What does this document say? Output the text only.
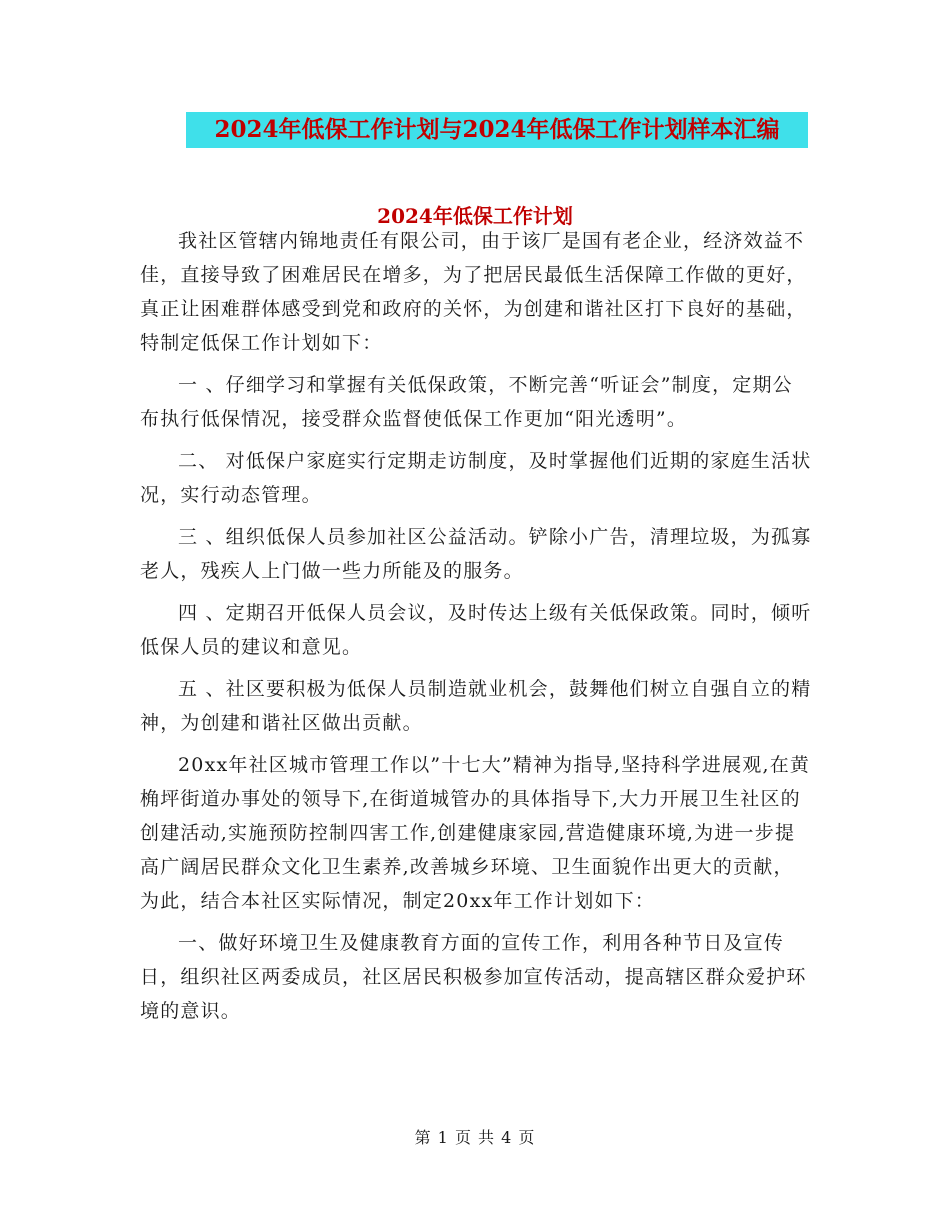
2024年低保工作计划与2024年低保工作计划样本汇编
2024年低保工作计划

我社区管辖内锦地责任有限公司，由于该厂是国有老企业，经济效益不佳，直接导致了困难居民在增多，为了把居民最低生活保障工作做的更好，真正让困难群体感受到党和政府的关怀，为创建和谐社区打下良好的基础，特制定低保工作计划如下：

一 、仔细学习和掌握有关低保政策，不断完善“听证会”制度，定期公布执行低保情况，接受群众监督使低保工作更加“阳光透明”。

二、 对低保户家庭实行定期走访制度，及时掌握他们近期的家庭生活状况，实行动态管理。

三 、组织低保人员参加社区公益活动。铲除小广告，清理垃圾，为孤寡老人，残疾人上门做一些力所能及的服务。

四 、定期召开低保人员会议，及时传达上级有关低保政策。同时，倾听低保人员的建议和意见。

五 、社区要积极为低保人员制造就业机会，鼓舞他们树立自强自立的精神，为创建和谐社区做出贡献。

20xx年社区城市管理工作以”十七大”精神为指导,坚持科学进展观,在黄桷坪街道办事处的领导下,在街道城管办的具体指导下,大力开展卫生社区的创建活动,实施预防控制四害工作,创建健康家园,营造健康环境,为进一步提高广阔居民群众文化卫生素养,改善城乡环境、卫生面貌作出更大的贡献，为此，结合本社区实际情况，制定20xx年工作计划如下：

一、做好环境卫生及健康教育方面的宣传工作，利用各种节日及宣传日，组织社区两委成员，社区居民积极参加宣传活动，提高辖区群众爱护环境的意识。

第 1 页 共 4 页
